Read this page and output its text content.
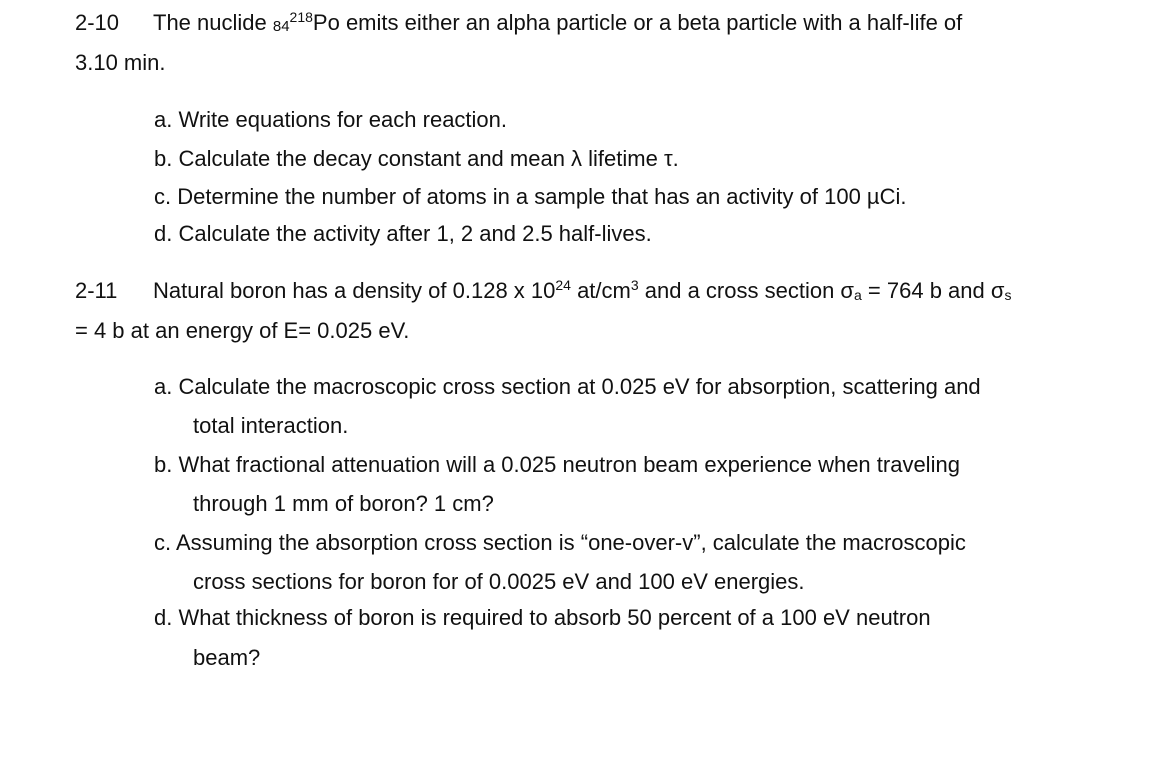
2-10 The nuclide $_{84}^{218}$Po emits either an alpha particle or a beta particle with a half-life of

3.10 min.

a. Write equations for each reaction.

b. Calculate the decay constant and mean λ lifetime τ.

c. Determine the number of atoms in a sample that has an activity of 100 µCi.

d. Calculate the activity after 1, 2 and 2.5 half-lives.

2-11 Natural boron has a density of 0.128 x $10^{24}$ $at/cm^3$ and a cross section $\sigma_a = 764$ b and $\sigma_s$

= 4 b at an energy of E= 0.025 eV.

a. Calculate the macroscopic cross section at 0.025 eV for absorption, scattering and

total interaction.

b. What fractional attenuation will a 0.025 neutron beam experience when traveling

through 1 mm of boron? 1 cm?

c. Assuming the absorption cross section is “one-over-v”, calculate the macroscopic

cross sections for boron for of 0.0025 eV and 100 eV energies.

d. What thickness of boron is required to absorb 50 percent of a 100 eV neutron

beam?
